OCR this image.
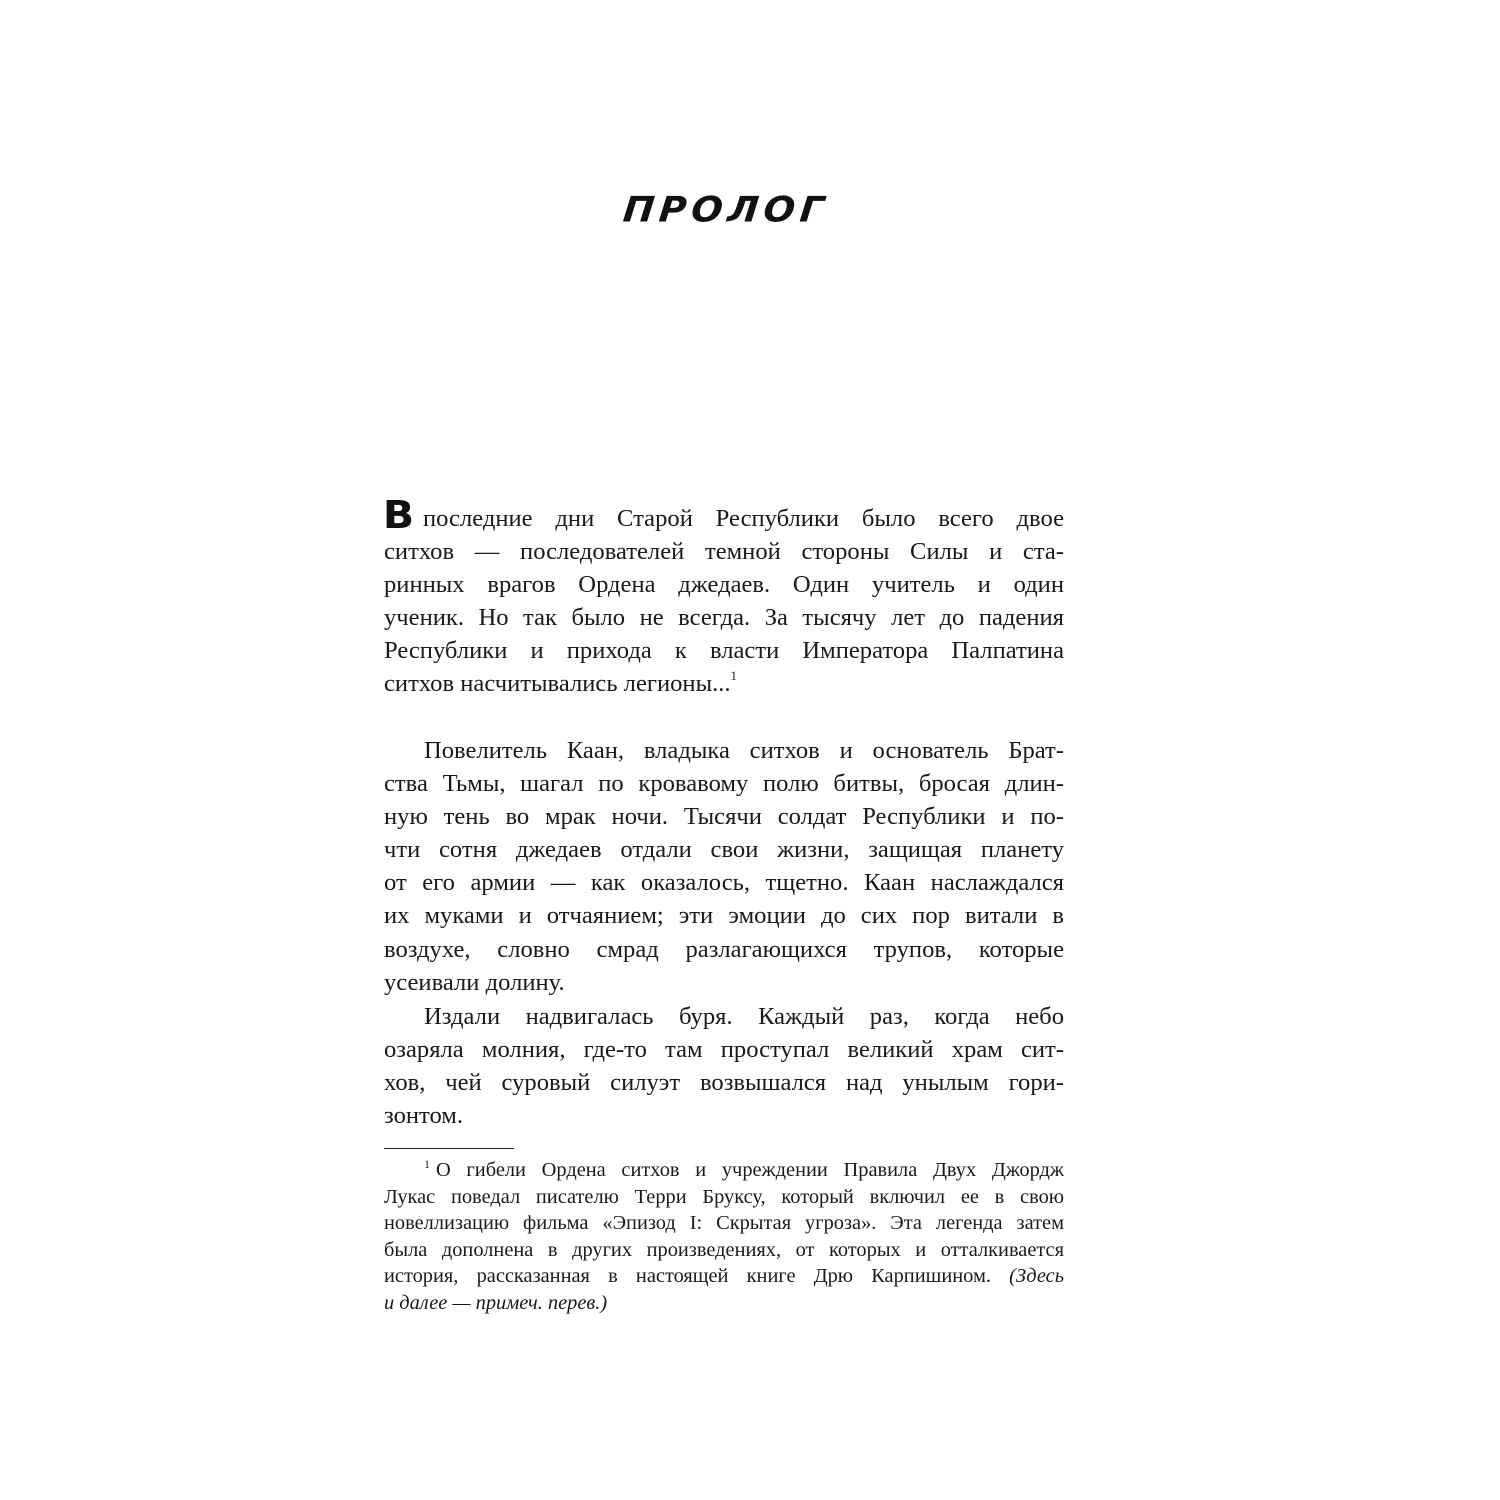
ПРОЛОГ
Впоследние дни Старой Республики было всего двое
ситхов — последователей темной стороны Силы и ста-
ринных врагов Ордена джедаев. Один учитель и один
ученик. Но так было не всегда. За тысячу лет до падения
Республики и прихода к власти Императора Палпатина
ситхов насчитывались легионы...$^1$
Повелитель Каан, владыка ситхов и основатель Брат-
ства Тьмы, шагал по кровавому полю битвы, бросая длин-
ную тень во мрак ночи. Тысячи солдат Республики и по-
чти сотня джедаев отдали свои жизни, защищая планету
от его армии — как оказалось, тщетно. Каан наслаждался
их муками и отчаянием; эти эмоции до сих пор витали в
воздухе, словно смрад разлагающихся трупов, которые
усеивали долину.
Издали надвигалась буря. Каждый раз, когда небо
озаряла молния, где-то там проступал великий храм сит-
хов, чей суровый силуэт возвышался над унылым гори-
зонтом.
$^1$ О гибели Ордена ситхов и учреждении Правила Двух Джордж
Лукас поведал писателю Терри Бруксу, который включил ее в свою
новеллизацию фильма «Эпизод I: Скрытая угроза». Эта легенда затем
была дополнена в других произведениях, от которых и отталкивается
история, рассказанная в настоящей книге Дрю Карпишином. (Здесь
и далее — примеч. перев.)
